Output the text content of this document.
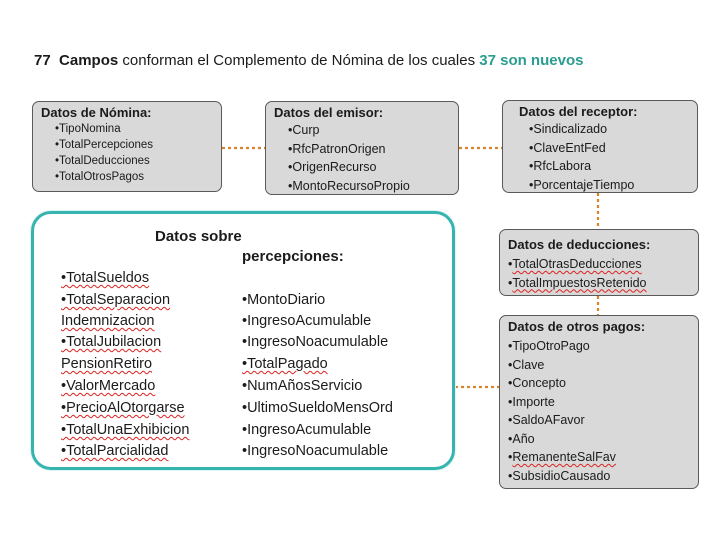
77 Campos conforman el Complemento de Nómina de los cuales 37 son nuevos
Datos de Nómina:
• TipoNomina
• TotalPercepciones
• TotalDeducciones
• TotalOtrosPagos
Datos del emisor:
• Curp
• RfcPatronOrigen
• OrigenRecurso
• MontoRecursoPropio
Datos del receptor:
• Sindicalizado
• ClaveEntFed
• RfcLabora
• PorcentajeTiempo
Datos de deducciones:
• TotalOtrasDeducciones
• TotalImpuestosRetenido
Datos de otros pagos:
• TipoOtroPago
• Clave
• Concepto
• Importe
• SaldoAFavor
• Año
• RemanenteSalFav
• SubsidioCausado
Datos sobre
percepciones:
•TotalSueldos
•TotalSeparacion
Indemnizacion
•TotalJubilacion
PensionRetiro
•ValorMercado
•PrecioAlOtorgarse
•TotalUnaExhibicion
•TotalParcialidad
•MontoDiario
•IngresoAcumulable
•IngresoNoacumulable
•TotalPagado
•NumAñosServicio
•UltimoSueldoMensOrd
•IngresoAcumulable
•IngresoNoacumulable
